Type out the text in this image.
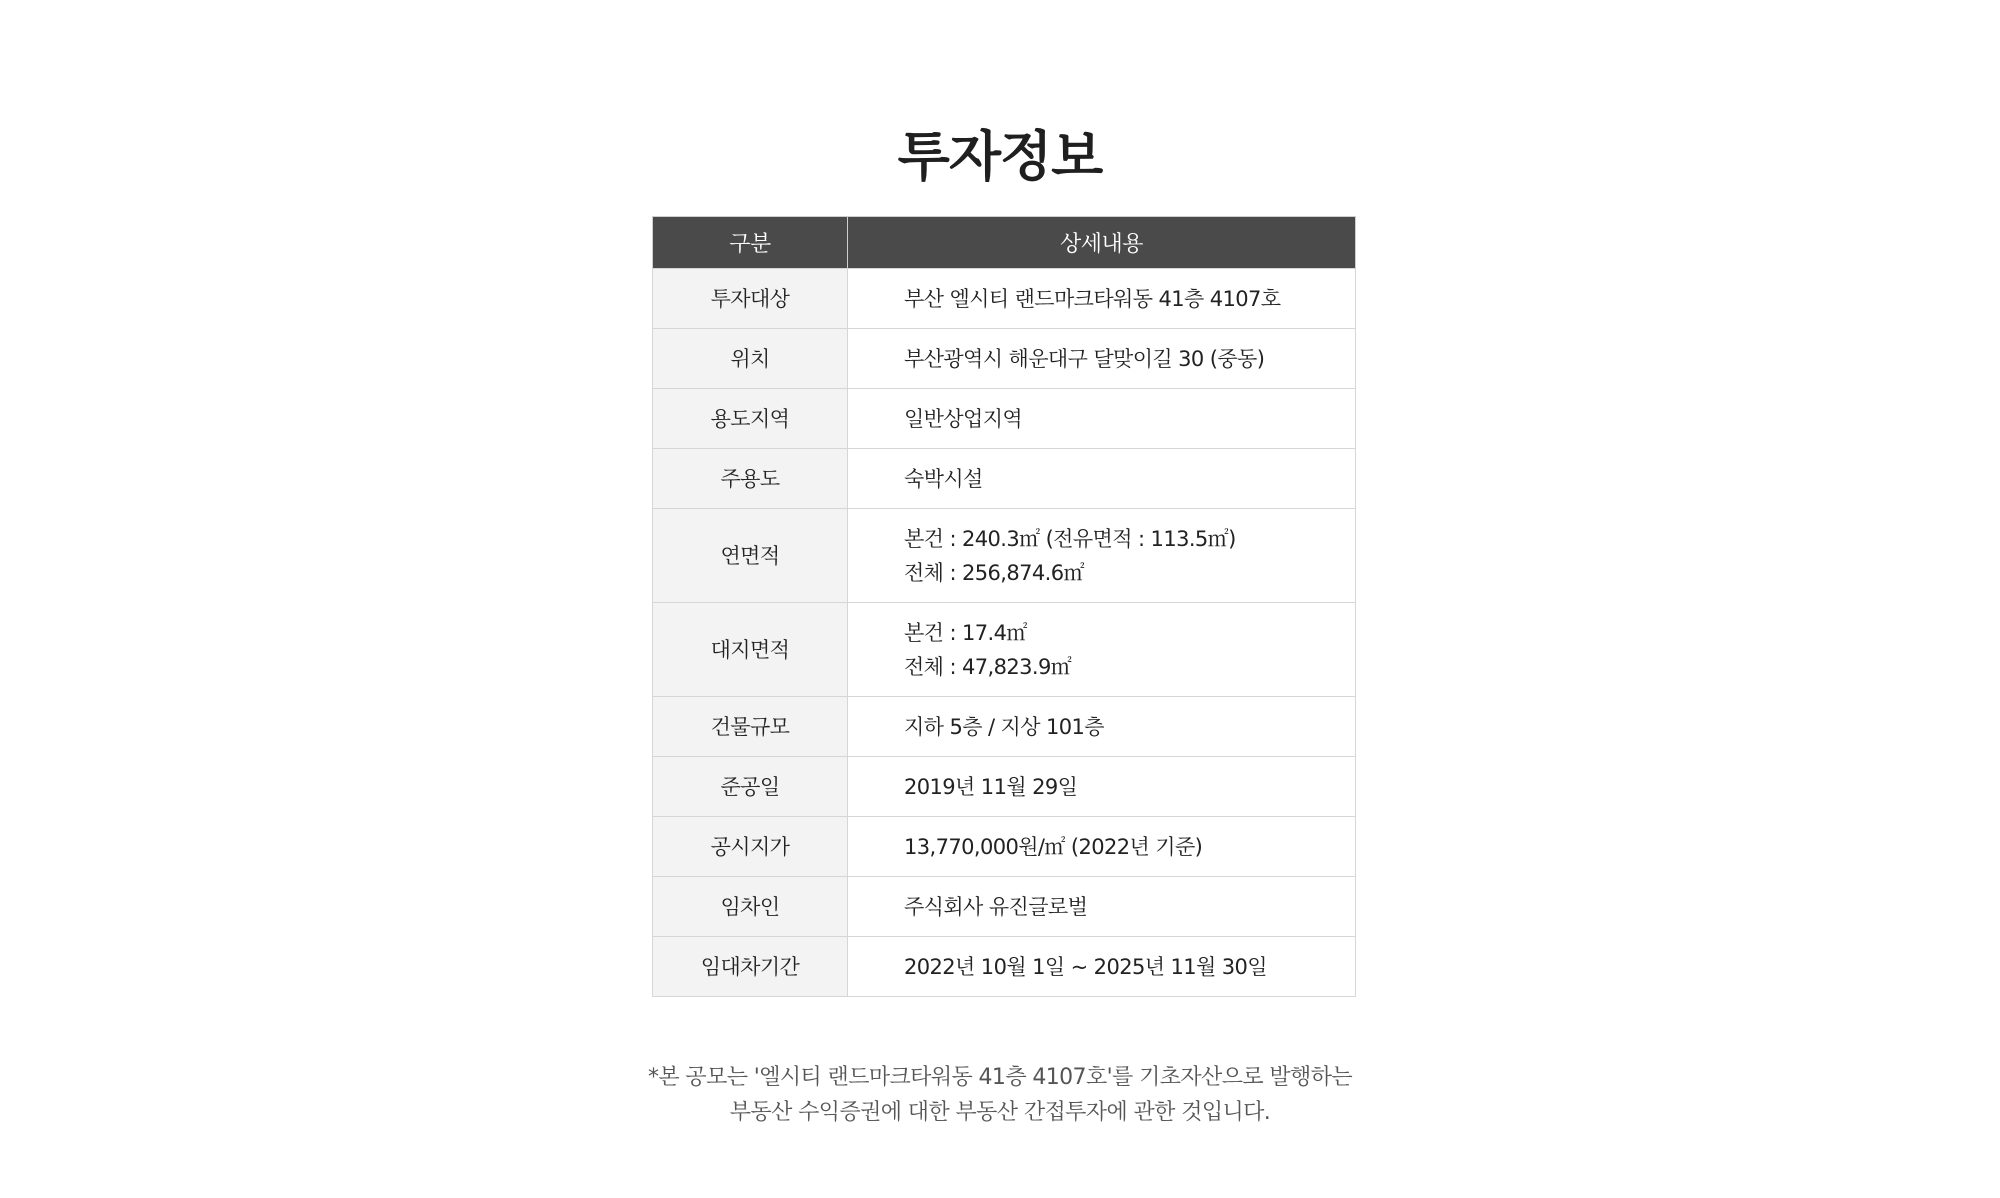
투자정보
구분	상세내용
투자대상	부산 엘시티 랜드마크타워동 41층 4107호

위치	부산광역시 해운대구 달맞이길 30 (중동)

용도지역	일반상업지역

주용도	숙박시설

연면적	본건 : 240.3㎡ (전유면적 : 113.5㎡)
전체 : 256,874.6㎡

대지면적	본건 : 17.4㎡
전체 : 47,823.9㎡

건물규모	지하 5층 / 지상 101층

준공일	2019년 11월 29일

공시지가	13,770,000원/㎡ (2022년 기준)

임차인	주식회사 유진글로벌

임대차기간	2022년 10월 1일 ~ 2025년 11월 30일

*본 공모는 '엘시티 랜드마크타워동 41층 4107호'를 기초자산으로 발행하는
부동산 수익증권에 대한 부동산 간접투자에 관한 것입니다.
